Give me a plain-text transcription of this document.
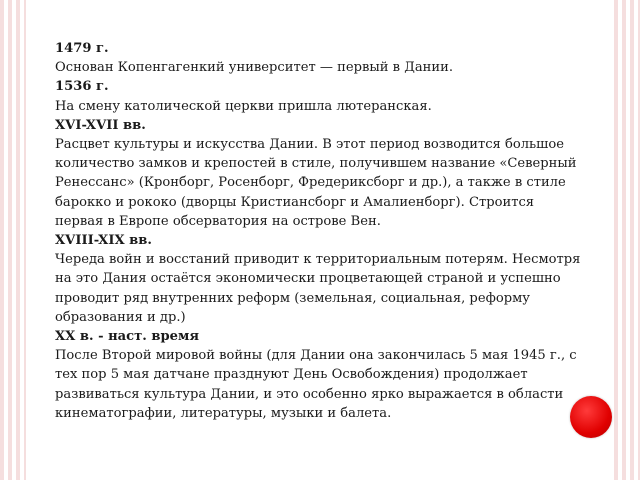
1479 г.

Основан Копенгагенкий университет — первый в Дании.

1536 г.

На смену католической церкви пришла лютеранская.

XVI-XVII вв.

Расцвет культуры и искусства Дании. В этот период возводится большое количество замков и крепостей в стиле, получившем название «Северный Ренессанс» (Кронборг, Росенборг, Фредериксборг и др.), а также в стиле барокко и рококо (дворцы Кристиансборг и Амалиенборг). Строится первая в Европе обсерватория на острове Вен.

XVIII-XIX вв.

Череда войн и восстаний приводит к территориальным потерям. Несмотря на это Дания остаётся экономически процветающей страной и успешно проводит ряд внутренних реформ (земельная, социальная, реформу образования и др.)

XX в. - наст. время

После Второй мировой войны (для Дании она закончилась 5 мая 1945 г., с тех пор 5 мая датчане празднуют День Освобождения) продолжает развиваться культура Дании, и это особенно ярко выражается в области кинематографии, литературы, музыки и балета.
